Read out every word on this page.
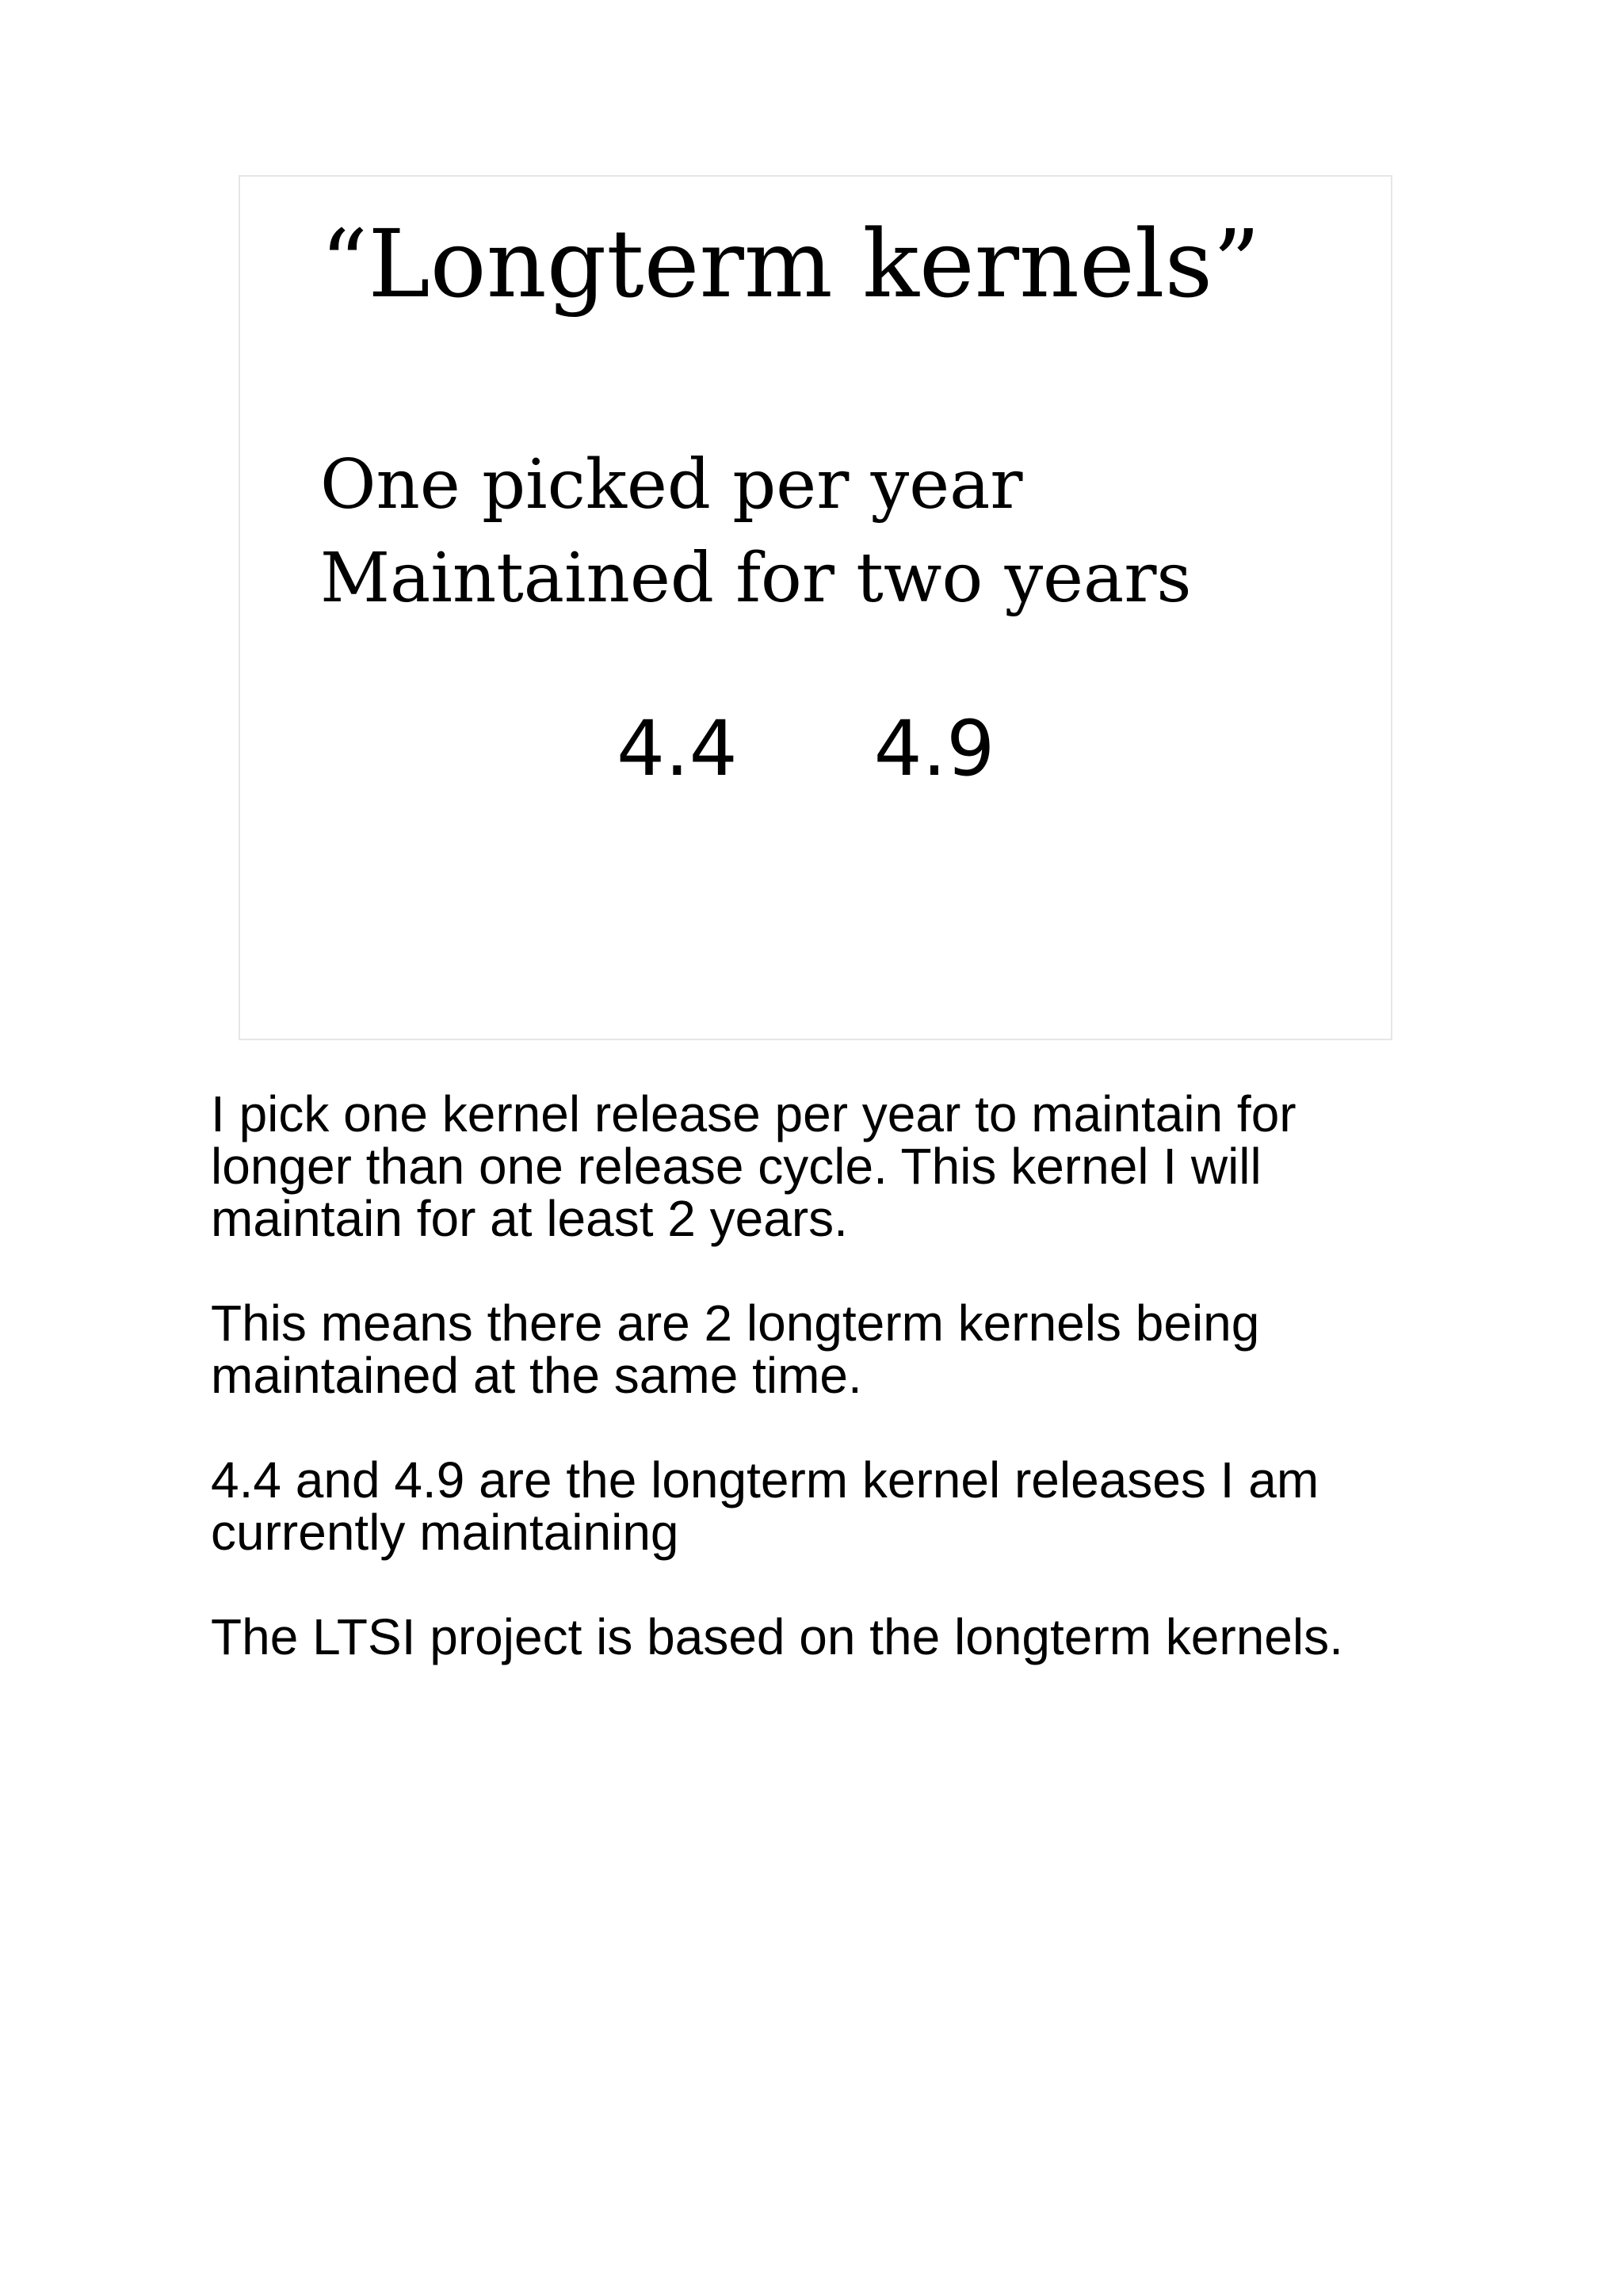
“Longterm kernels”
One picked per year
Maintained for two years
4.4 4.9

I pick one kernel release per year to maintain for
longer than one release cycle. This kernel I will
maintain for at least 2 years.

This means there are 2 longterm kernels being
maintained at the same time.

4.4 and 4.9 are the longterm kernel releases I am
currently maintaining

The LTSI project is based on the longterm kernels.
